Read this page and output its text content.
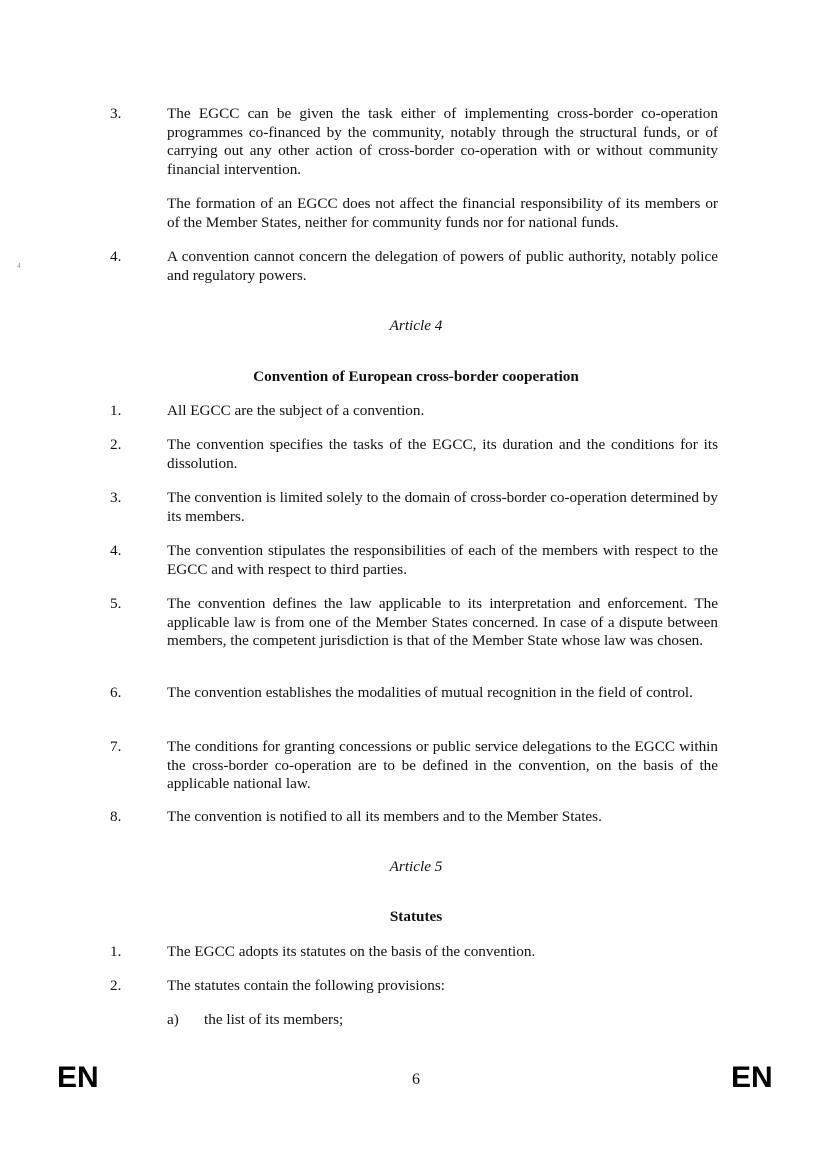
4
3.	The EGCC can be given the task either of implementing cross-border co-operation programmes co-financed by the community, notably through the structural funds, or of carrying out any other action of cross-border co-operation with or without community financial intervention.
The formation of an EGCC does not affect the financial responsibility of its members or of the Member States, neither for community funds nor for national funds.
4.	A convention cannot concern the delegation of powers of public authority, notably police and regulatory powers.
Article 4
Convention of European cross-border cooperation
1.	All EGCC are the subject of a convention.
2.	The convention specifies the tasks of the EGCC, its duration and the conditions for its dissolution.
3.	The convention is limited solely to the domain of cross-border co-operation determined by its members.
4.	The convention stipulates the responsibilities of each of the members with respect to the EGCC and with respect to third parties.
5.	The convention defines the law applicable to its interpretation and enforcement. The applicable law is from one of the Member States concerned. In case of a dispute between members, the competent jurisdiction is that of the Member State whose law was chosen.
6.	The convention establishes the modalities of mutual recognition in the field of control.
7.	The conditions for granting concessions or public service delegations to the EGCC within the cross-border co-operation are to be defined in the convention, on the basis of the applicable national law.
8.	The convention is notified to all its members and to the Member States.
Article 5
Statutes
1.	The EGCC adopts its statutes on the basis of the convention.
2.	The statutes contain the following provisions:
a) the list of its members;
EN	6	EN
